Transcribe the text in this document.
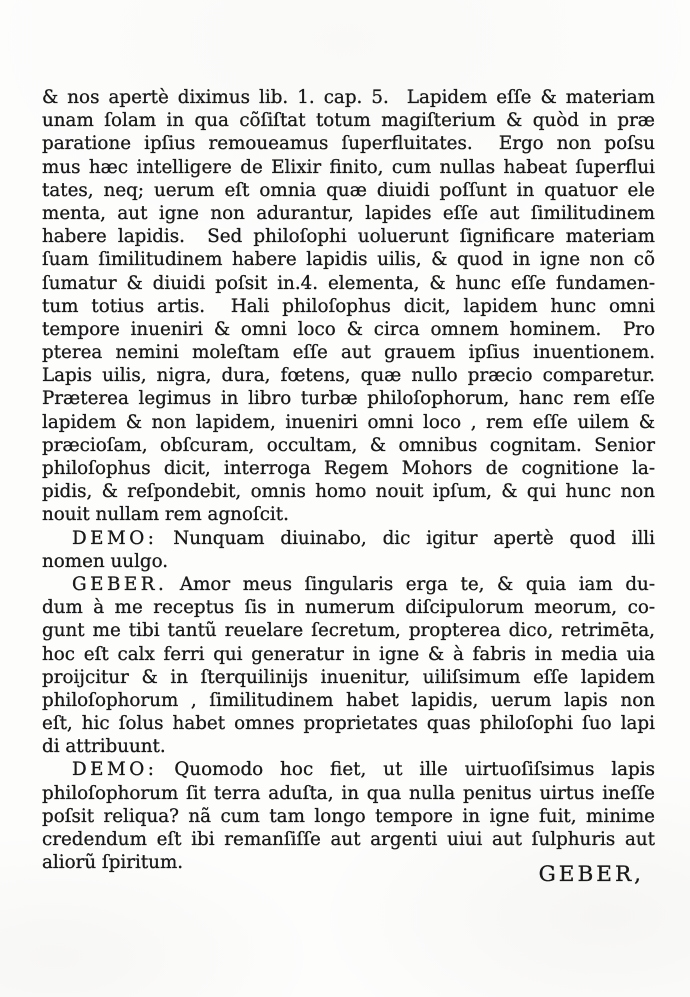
& nos apertè diximus lib. 1. cap. 5.  Lapidem eſſe & materiam
unam ſolam in qua cõſiſtat totum magiſterium & quòd in præ
paratione ipſius remoueamus ſuperfluitates.  Ergo non poſsu
mus hæc intelligere de Elixir finito, cum nullas habeat ſuperflui
tates, neq; uerum eſt omnia quæ diuidi poſſunt in quatuor ele
menta, aut igne non adurantur, lapides eſſe aut ſimilitudinem
habere lapidis.  Sed philoſophi uoluerunt ſignificare materiam
ſuam ſimilitudinem habere lapidis uilis, & quod in igne non cõ
ſumatur & diuidi poſsit in.4. elementa, & hunc eſſe fundamen-
tum totius artis.  Hali philoſophus dicit, lapidem hunc omni
tempore inueniri & omni loco & circa omnem hominem.  Pro
pterea nemini moleſtam eſſe aut grauem ipſius inuentionem.
Lapis uilis, nigra, dura, fœtens, quæ nullo præcio comparetur.
Præterea legimus in libro turbæ philoſophorum, hanc rem eſſe
lapidem & non lapidem, inueniri omni loco , rem eſſe uilem &
præcioſam, obſcuram, occultam, & omnibus cognitam. Senior
philoſophus dicit, interroga Regem Mohors de cognitione la-
pidis, & reſpondebit, omnis homo nouit ipſum, & qui hunc non
nouit nullam rem agnoſcit.
DEMO: Nunquam diuinabo, dic igitur apertè quod illi
nomen uulgo.
GEBER. Amor meus ſingularis erga te, & quia iam du-
dum à me receptus ſis in numerum diſcipulorum meorum, co-
gunt me tibi tantũ reuelare ſecretum, propterea dico, retrimēta,
hoc eſt calx ferri qui generatur in igne & à fabris in media uia
proijcitur & in ſterquilinijs inuenitur, uiliſsimum eſſe lapidem
philoſophorum , ſimilitudinem habet lapidis, uerum lapis non
eſt, hic ſolus habet omnes proprietates quas philoſophi ſuo lapi
di attribuunt.
DEMO: Quomodo hoc fiet, ut ille uirtuoſiſsimus lapis
philoſophorum ſit terra aduſta, in qua nulla penitus uirtus ineſſe
poſsit reliqua? nã cum tam longo tempore in igne fuit, minime
credendum eſt ibi remanſiſſe aut argenti uiui aut ſulphuris aut
aliorũ ſpiritum.	GEBER,
